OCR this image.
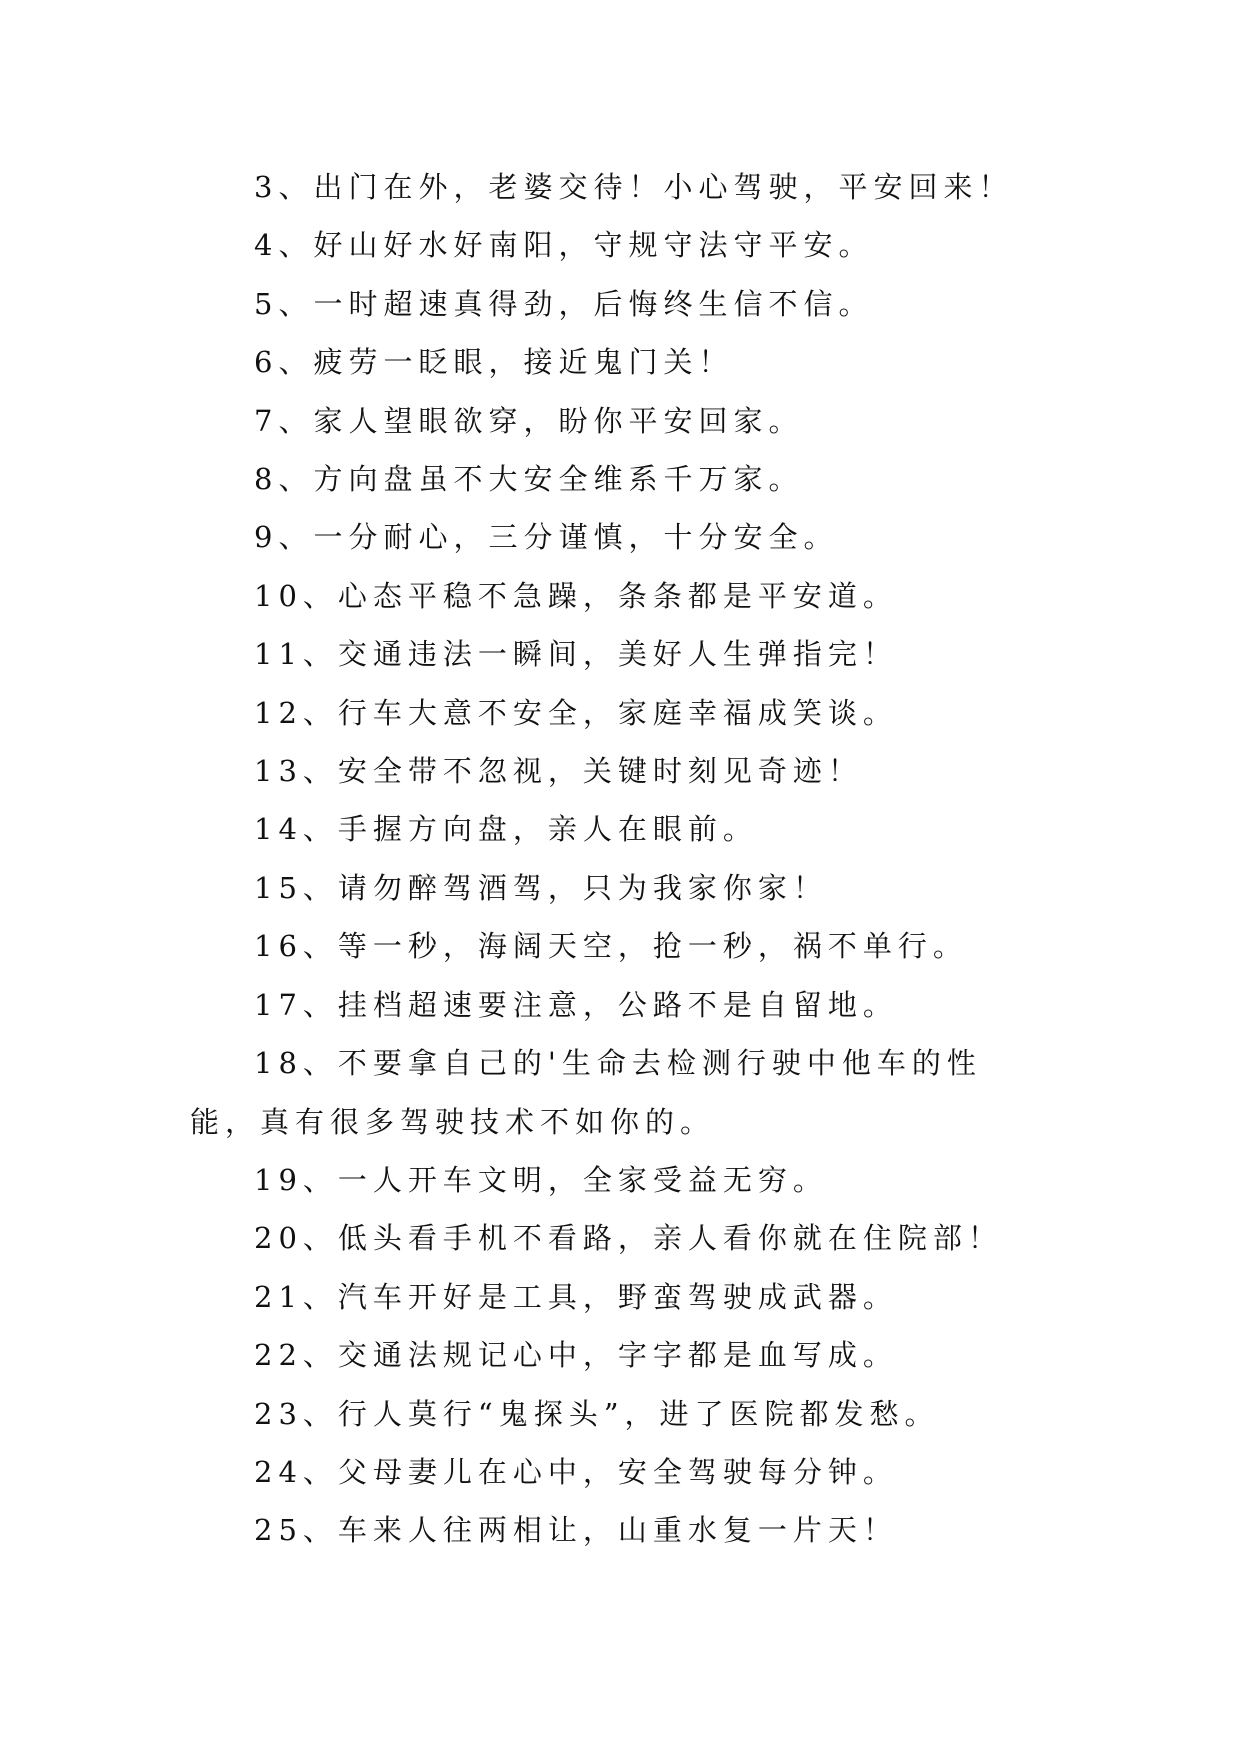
3、出门在外，老婆交待！小心驾驶，平安回来！

4、好山好水好南阳，守规守法守平安。

5、一时超速真得劲，后悔终生信不信。

6、疲劳一眨眼，接近鬼门关！

7、家人望眼欲穿，盼你平安回家。

8、方向盘虽不大安全维系千万家。

9、一分耐心，三分谨慎，十分安全。

10、心态平稳不急躁，条条都是平安道。

11、交通违法一瞬间，美好人生弹指完！

12、行车大意不安全，家庭幸福成笑谈。

13、安全带不忽视，关键时刻见奇迹！

14、手握方向盘，亲人在眼前。

15、请勿醉驾酒驾，只为我家你家！

16、等一秒，海阔天空，抢一秒，祸不单行。

17、挂档超速要注意，公路不是自留地。

18、不要拿自己的'生命去检测行驶中他车的性能，真有很多驾驶技术不如你的。

19、一人开车文明，全家受益无穷。

20、低头看手机不看路，亲人看你就在住院部！

21、汽车开好是工具，野蛮驾驶成武器。

22、交通法规记心中，字字都是血写成。

23、行人莫行“鬼探头”，进了医院都发愁。

24、父母妻儿在心中，安全驾驶每分钟。

25、车来人往两相让，山重水复一片天！
